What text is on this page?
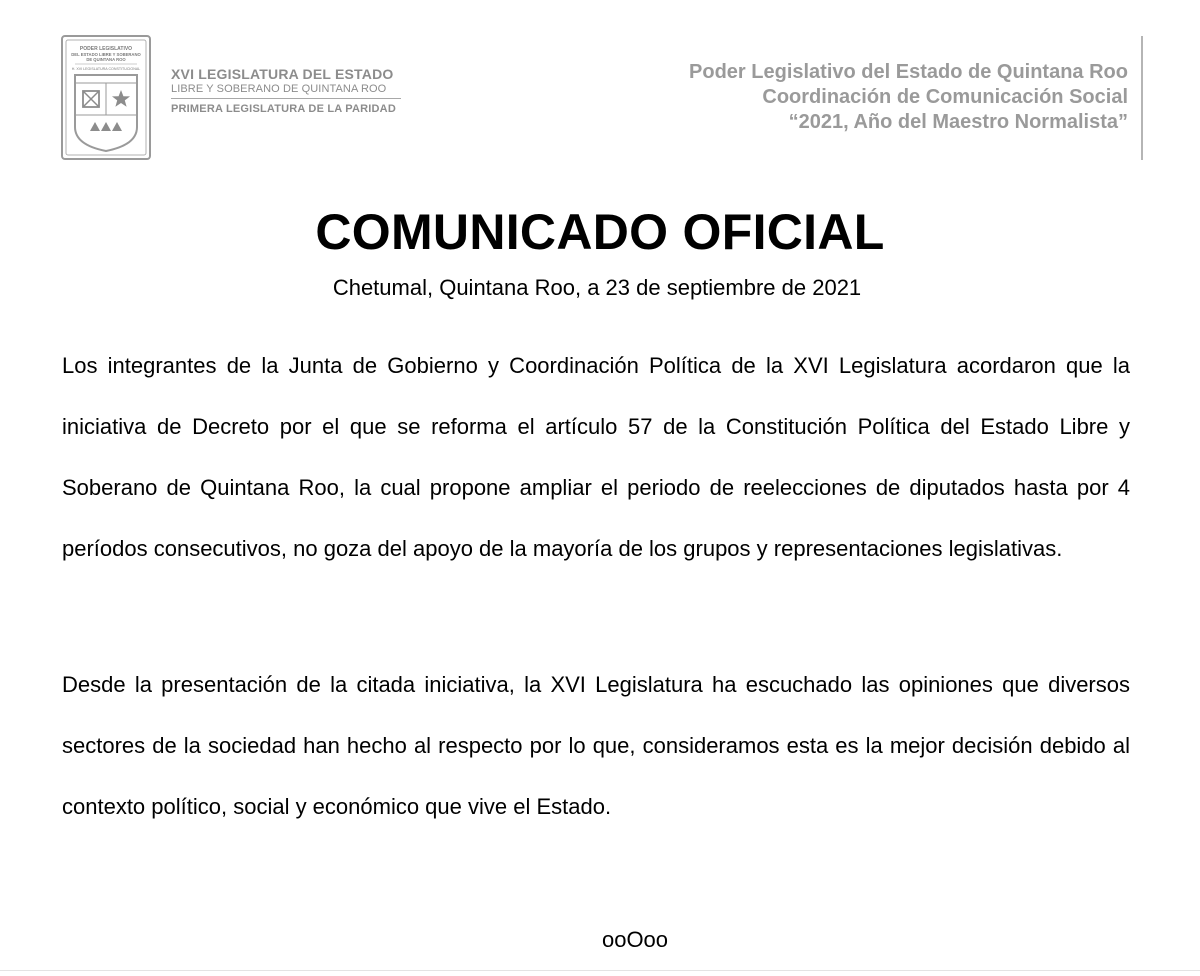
PODER LEGISLATIVO
DEL ESTADO LIBRE Y SOBERANO
DE QUINTANA ROO
H. XVI LEGISLATURA CONSTITUCIONAL XVI LEGISLATURA DEL ESTADO
LIBRE Y SOBERANO DE QUINTANA ROO
PRIMERA LEGISLATURA DE LA PARIDAD
Poder Legislativo del Estado de Quintana Roo
Coordinación de Comunicación Social
“2021, Año del Maestro Normalista”
COMUNICADO OFICIAL
Chetumal, Quintana Roo, a 23 de septiembre de 2021
Los integrantes de la Junta de Gobierno y Coordinación Política de la XVI Legislatura acordaron que la iniciativa de Decreto por el que se reforma el artículo 57 de la Constitución Política del Estado Libre y Soberano de Quintana Roo, la cual propone ampliar el periodo de reelecciones de diputados hasta por 4 períodos consecutivos, no goza del apoyo de la mayoría de los grupos y representaciones legislativas.
Desde la presentación de la citada iniciativa, la XVI Legislatura ha escuchado las opiniones que diversos sectores de la sociedad han hecho al respecto por lo que, consideramos esta es la mejor decisión debido al contexto político, social y económico que vive el Estado.
ooOoo
